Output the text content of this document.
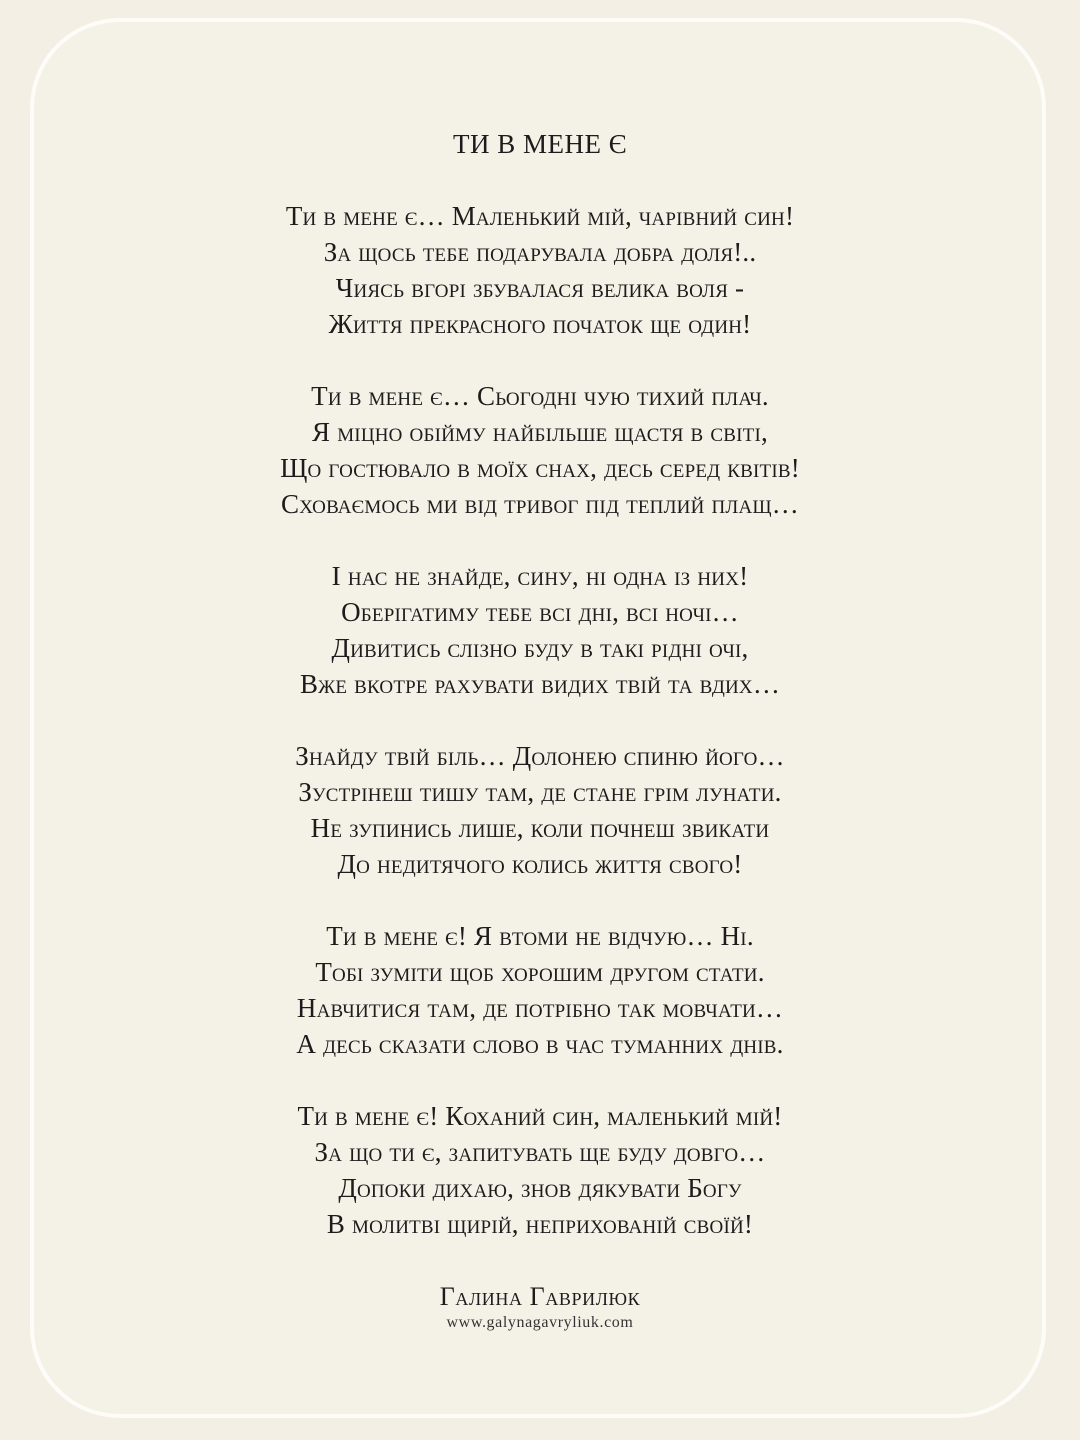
ТИ В МЕНЕ Є
Ти в мене є… Маленький мій, чарівний син!
За щось тебе подарувала добра доля!..
Чиясь вгорі збувалася велика воля -
Життя прекрасного початок ще один!
Ти в мене є… Сьогодні чую тихий плач.
Я міцно обійму найбільше щастя в світі,
Що гостювало в моїх снах, десь серед квітів!
Сховаємось ми від тривог під теплий плащ…
І нас не знайде, сину, ні одна із них!
Оберігатиму тебе всі дні, всі ночі…
Дивитись слізно буду в такі рідні очі,
Вже вкотре рахувати видих твій та вдих…
Знайду твій біль… Долонею спиню його…
Зустрінеш тишу там, де стане грім лунати.
Не зупинись лише, коли почнеш звикати
До недитячого колись життя свого!
Ти в мене є! Я втоми не відчую… Ні.
Тобі зуміти щоб хорошим другом стати.
Навчитися там, де потрібно так мовчати…
А десь сказати слово в час туманних днів.
Ти в мене є! Коханий син, маленький мій!
За що ти є, запитувать ще буду довго…
Допоки дихаю, знов дякувати Богу
В молитві щирій, неприхованій своїй!
Галина Гаврилюк
www.galynagavryliuk.com
